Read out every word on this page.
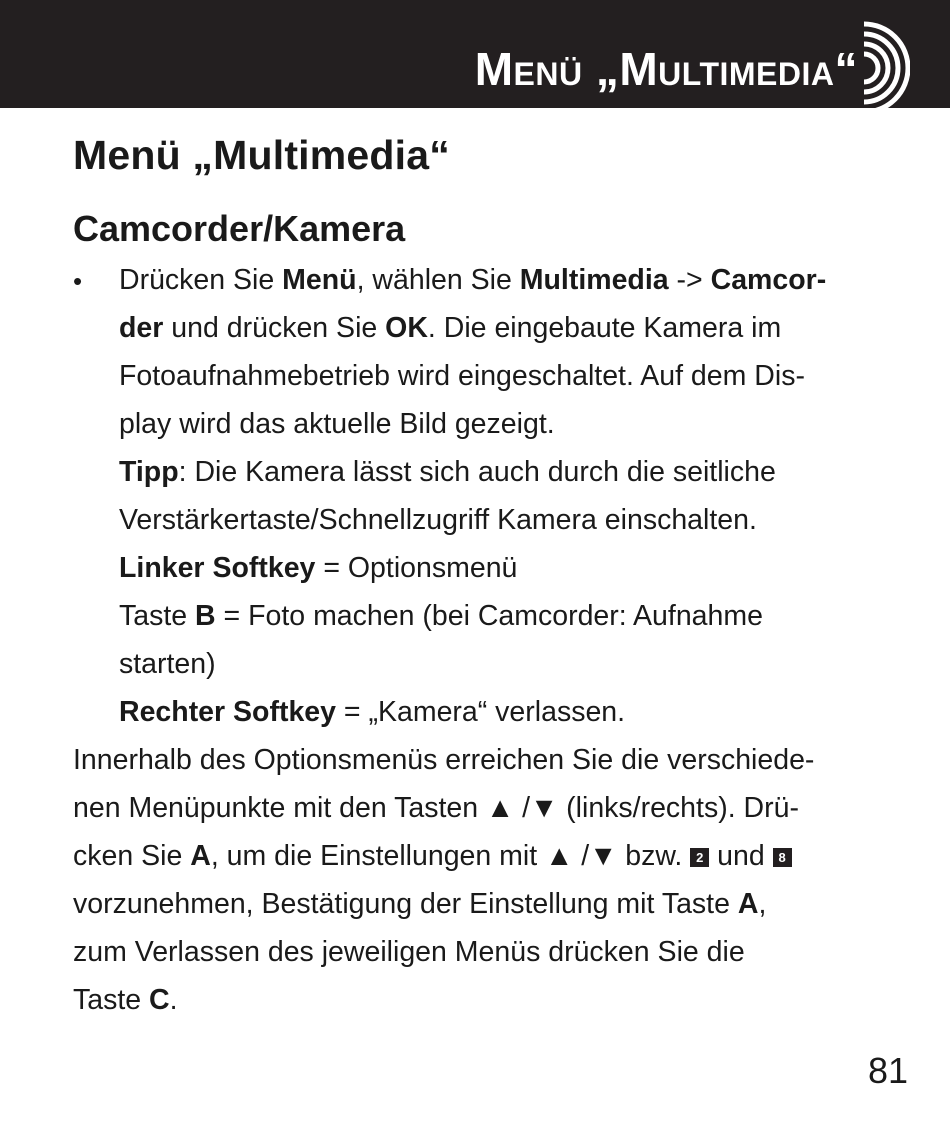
Menü „Multimedia“
Menü „Multimedia“
Camcorder/Kamera
• Drücken Sie Menü, wählen Sie Multimedia -> Camcor-
der und drücken Sie OK. Die eingebaute Kamera im
Fotoaufnahmebetrieb wird eingeschaltet. Auf dem Dis-
play wird das aktuelle Bild gezeigt.
Tipp: Die Kamera lässt sich auch durch die seitliche
Verstärkertaste/Schnellzugriff Kamera einschalten.
Linker Softkey = Optionsmenü
Taste B = Foto machen (bei Camcorder: Aufnahme
starten)
Rechter Softkey = „Kamera“ verlassen.
Innerhalb des Optionsmenüs erreichen Sie die verschiede-
nen Menüpunkte mit den Tasten ▲ /▼ (links/rechts). Drü-
cken Sie A, um die Einstellungen mit ▲ /▼ bzw. 2 und 8
vorzunehmen, Bestätigung der Einstellung mit Taste A,
zum Verlassen des jeweiligen Menüs drücken Sie die
Taste C.
81
